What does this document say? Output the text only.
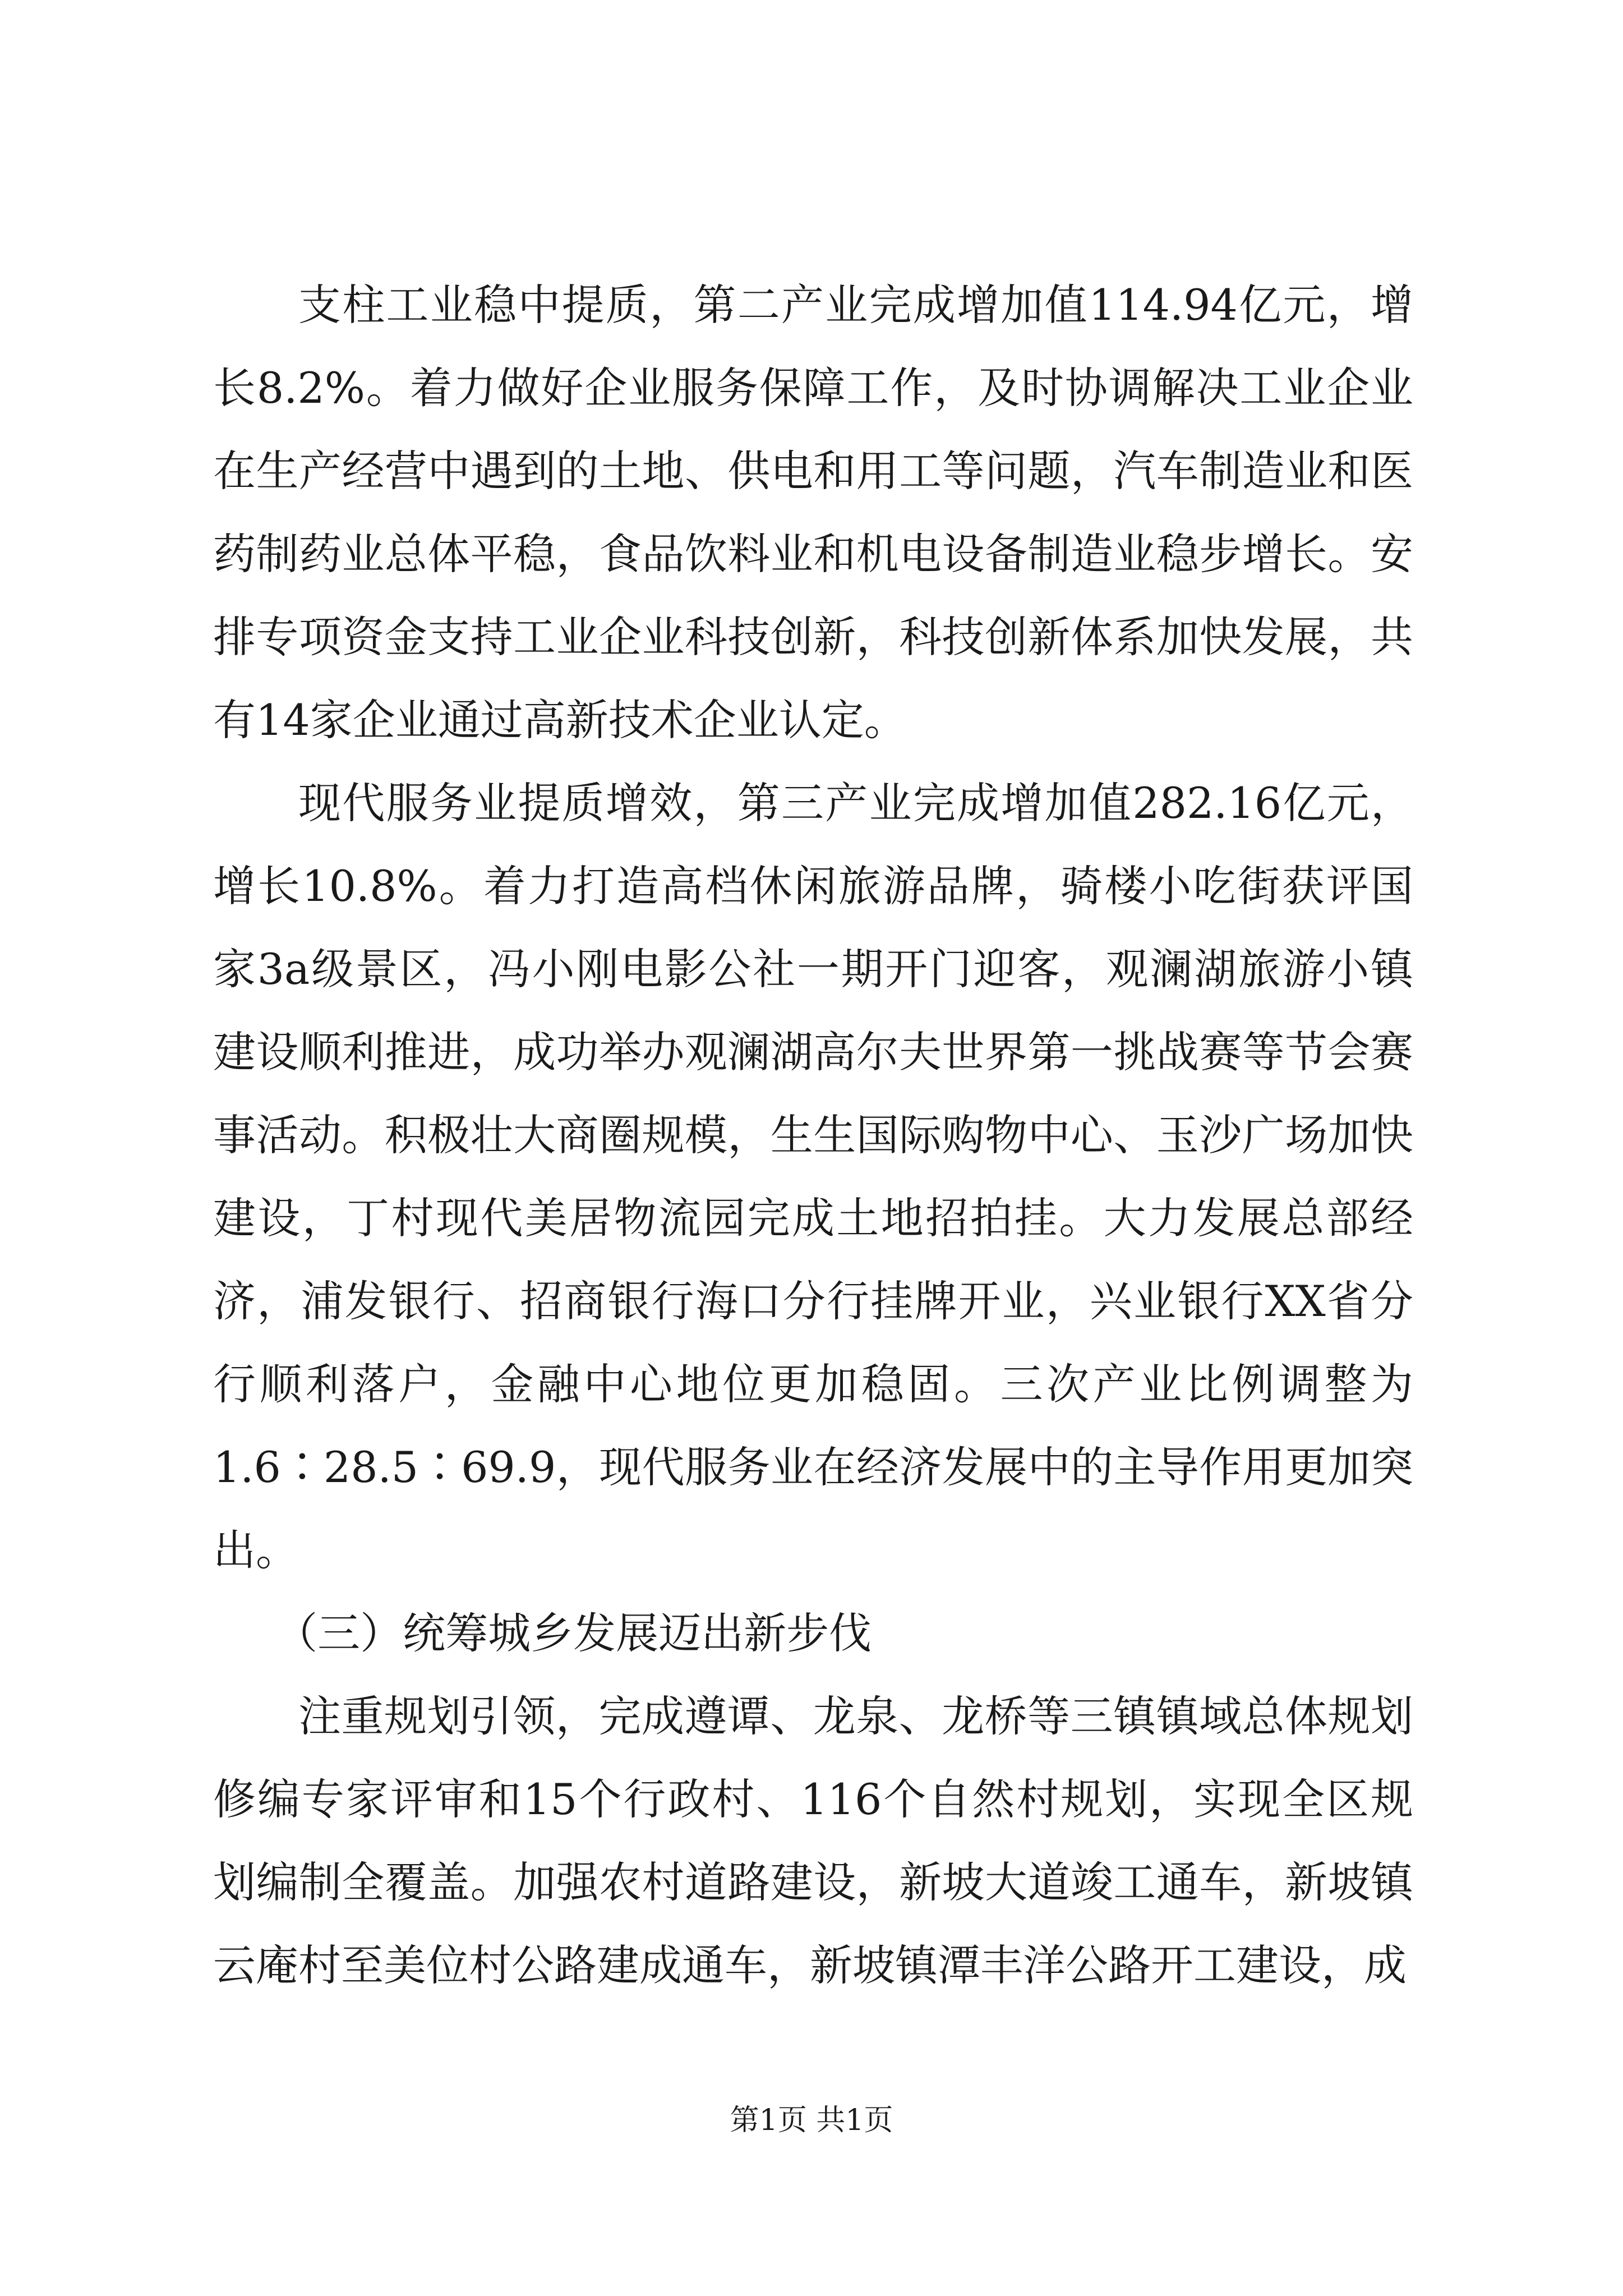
支柱工业稳中提质，第二产业完成增加值114.94亿元，增长8.2%。着力做好企业服务保障工作，及时协调解决工业企业在生产经营中遇到的土地、供电和用工等问题，汽车制造业和医药制药业总体平稳，食品饮料业和机电设备制造业稳步增长。安排专项资金支持工业企业科技创新，科技创新体系加快发展，共有14家企业通过高新技术企业认定。

现代服务业提质增效，第三产业完成增加值282.16亿元，增长10.8%。着力打造高档休闲旅游品牌，骑楼小吃街获评国家3a级景区，冯小刚电影公社一期开门迎客，观澜湖旅游小镇建设顺利推进，成功举办观澜湖高尔夫世界第一挑战赛等节会赛事活动。积极壮大商圈规模，生生国际购物中心、玉沙广场加快建设，丁村现代美居物流园完成土地招拍挂。大力发展总部经济，浦发银行、招商银行海口分行挂牌开业，兴业银行XX省分行顺利落户，金融中心地位更加稳固。三次产业比例调整为1.6∶28.5∶69.9，现代服务业在经济发展中的主导作用更加突出。

（三）统筹城乡发展迈出新步伐

注重规划引领，完成遵谭、龙泉、龙桥等三镇镇域总体规划修编专家评审和15个行政村、116个自然村规划，实现全区规划编制全覆盖。加强农村道路建设，新坡大道竣工通车，新坡镇云庵村至美位村公路建成通车，新坡镇潭丰洋公路开工建设，成

第1页 共1页
